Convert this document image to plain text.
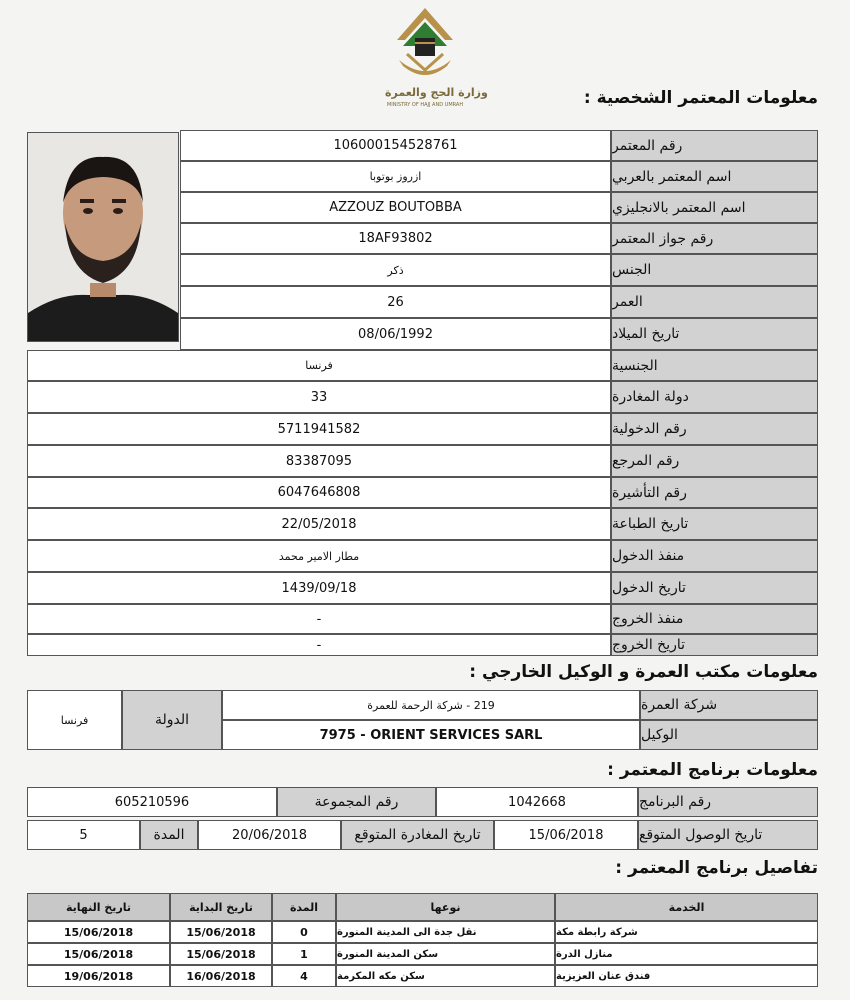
وزارة الحج والعمرة
MINISTRY OF HAJJ AND UMRAH	معلومات المعتمر الشخصية :
رقم المعتمر
106000154528761
اسم المعتمر بالعربي
ازروز بوتوبا
اسم المعتمر بالانجليزي
AZZOUZ BOUTOBBA
رقم جواز المعتمر
18AF93802
الجنس
ذكر
العمر
26
تاريخ الميلاد
08/06/1992
الجنسية
فرنسا
دولة المغادرة
33
رقم الدخولية
5711941582
رقم المرجع
83387095
رقم التأشيرة
6047646808
تاريخ الطباعة
22/05/2018
منفذ الدخول
مطار الامير محمد
تاريخ الدخول
1439/09/18
منفذ الخروج
-
تاريخ الخروج
-
معلومات مكتب العمرة و الوكيل الخارجي :
شركة العمرة
219 - شركة الرحمة للعمرة
الوكيل
7975 - ORIENT SERVICES SARL
الدولة
فرنسا
معلومات برنامج المعتمر :
رقم البرنامج
1042668
رقم المجموعة
605210596
تاريخ الوصول المتوقع
15/06/2018
تاريخ المغادرة المتوقع
20/06/2018
المدة
5
تفاصيل برنامج المعتمر :
الخدمة
نوعها
المدة
تاريخ البداية
تاريخ النهاية
شركة رابطة مكة
نقل جدة الى المدينة المنورة
0
15/06/2018
15/06/2018
منازل الدرة
سكن المدينة المنورة
1
15/06/2018
15/06/2018
فندق عنان العزيزية
سكن مكه المكرمة
4
16/06/2018
19/06/2018
